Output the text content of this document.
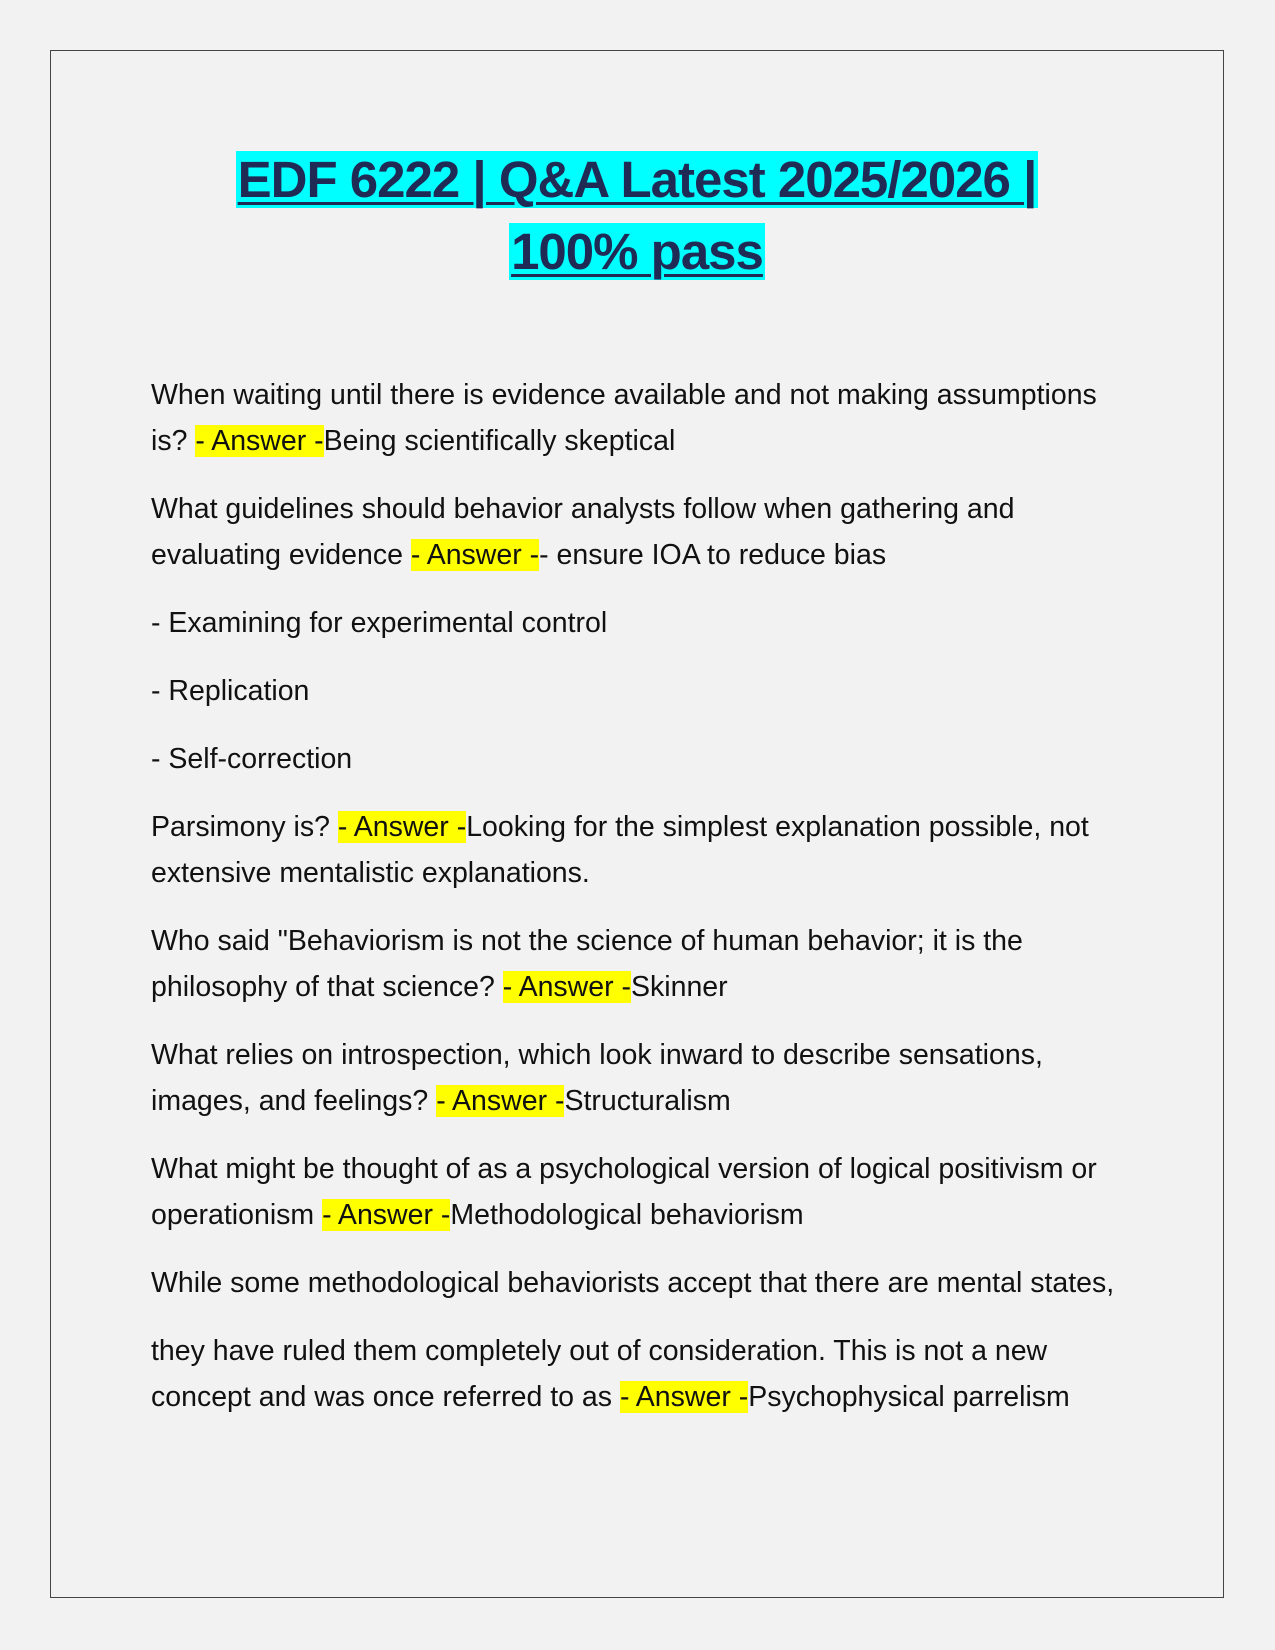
EDF 6222 | Q&A Latest 2025/2026 |
100% pass

When waiting until there is evidence available and not making assumptions is? - Answer -Being scientifically skeptical

What guidelines should behavior analysts follow when gathering and evaluating evidence - Answer -- ensure IOA to reduce bias

- Examining for experimental control

- Replication

- Self-correction

Parsimony is? - Answer -Looking for the simplest explanation possible, not extensive mentalistic explanations.

Who said "Behaviorism is not the science of human behavior; it is the philosophy of that science? - Answer -Skinner

What relies on introspection, which look inward to describe sensations, images, and feelings? - Answer -Structuralism

What might be thought of as a psychological version of logical positivism or operationism - Answer -Methodological behaviorism

While some methodological behaviorists accept that there are mental states,

they have ruled them completely out of consideration. This is not a new concept and was once referred to as - Answer -Psychophysical parrelism
